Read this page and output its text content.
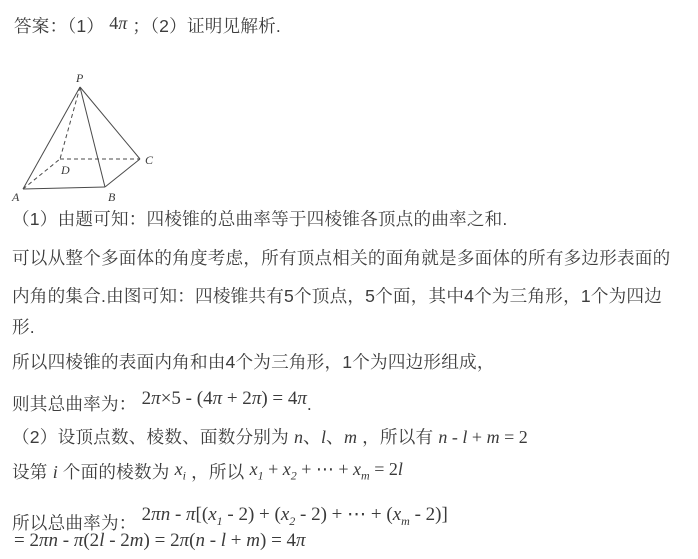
答案：（1） 4π ；（2）证明见解析.
P
A	B
C
D
（1）由题可知：四棱锥的总曲率等于四棱锥各顶点的曲率之和.
可以从整个多面体的角度考虑，所有顶点相关的面角就是多面体的所有多边形表面的
内角的集合.由图可知：四棱锥共有5个顶点，5个面，其中4个为三角形，1个为四边
形.
所以四棱锥的表面内角和由4个为三角形，1个为四边形组成，
则其总曲率为： 2π×5 - (4π + 2π) = 4π.
（2）设顶点数、棱数、面数分别为 n、l、m ，所以有 n - l + m = 2
设第 i 个面的棱数为 $x_i$ ，所以 $x_1 + x_2$ + ⋯ + $x_m = 2l$
所以总曲率为： $2\pi n - \pi[(x_1 - 2) + (x_2 - 2)$ + ⋯ + $(x_m - 2)$]
= 2πn - π(2l - 2m) = 2π(n - l + m) = 4π
